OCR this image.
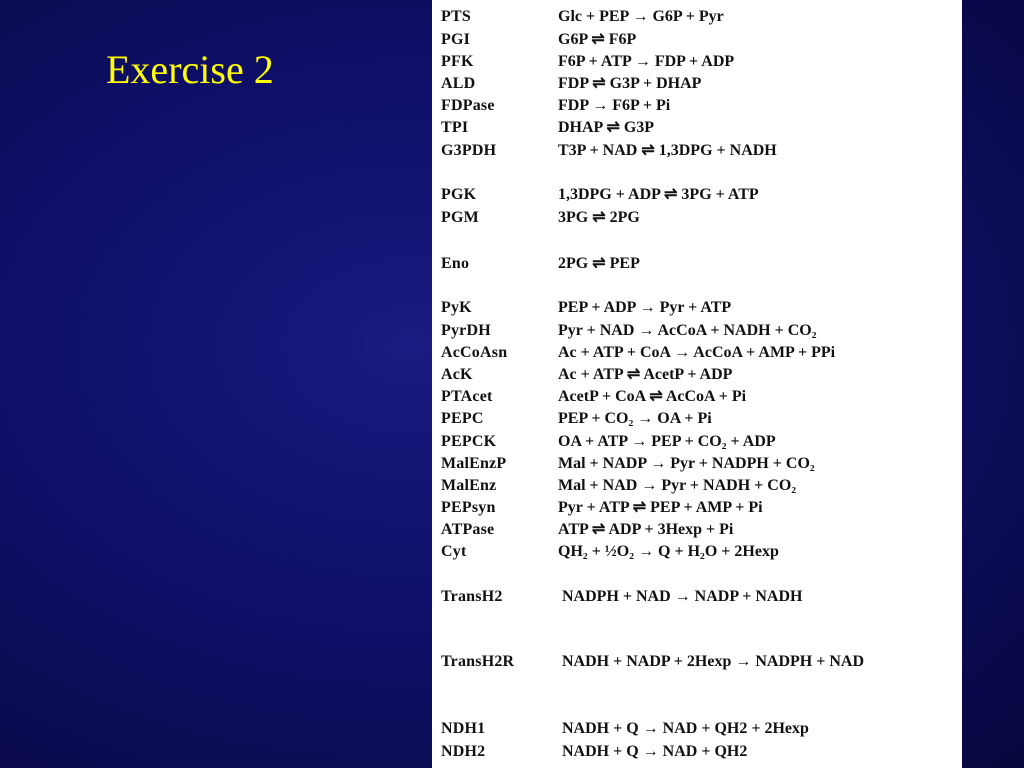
Exercise 2
PTS	Glc + PEP → G6P + Pyr
PGI	G6P ⇌ F6P
PFK	F6P + ATP → FDP + ADP
ALD	FDP ⇌ G3P + DHAP
FDPase	FDP → F6P + Pi
TPI	DHAP ⇌ G3P
G3PDH	T3P + NAD ⇌ 1,3DPG + NADH
PGK	1,3DPG + ADP ⇌ 3PG + ATP
PGM	3PG ⇌ 2PG
Eno	2PG ⇌ PEP
PyK	PEP + ADP → Pyr + ATP
PyrDH	Pyr + NAD → AcCoA + NADH + CO₂
AcCoAsn	Ac + ATP + CoA → AcCoA + AMP + PPi
AcK	Ac + ATP ⇌ AcetP + ADP
PTAcet	AcetP + CoA ⇌ AcCoA + Pi
PEPC	PEP + CO₂ → OA + Pi
PEPCK	OA + ATP → PEP + CO₂ + ADP
MalEnzP	Mal + NADP → Pyr + NADPH + CO₂
MalEnz	Mal + NAD → Pyr + NADH + CO₂
PEPsyn	Pyr + ATP ⇌ PEP + AMP + Pi
ATPase	ATP ⇌ ADP + 3Hexp + Pi
Cyt	QH₂ + ½O₂ → Q + H₂O + 2Hexp
TransH2	NADPH + NAD → NADP + NADH
TransH2R	NADH + NADP + 2Hexp → NADPH + NAD
NDH1	NADH + Q → NAD + QH2 + 2Hexp
NDH2	NADH + Q → NAD + QH2
